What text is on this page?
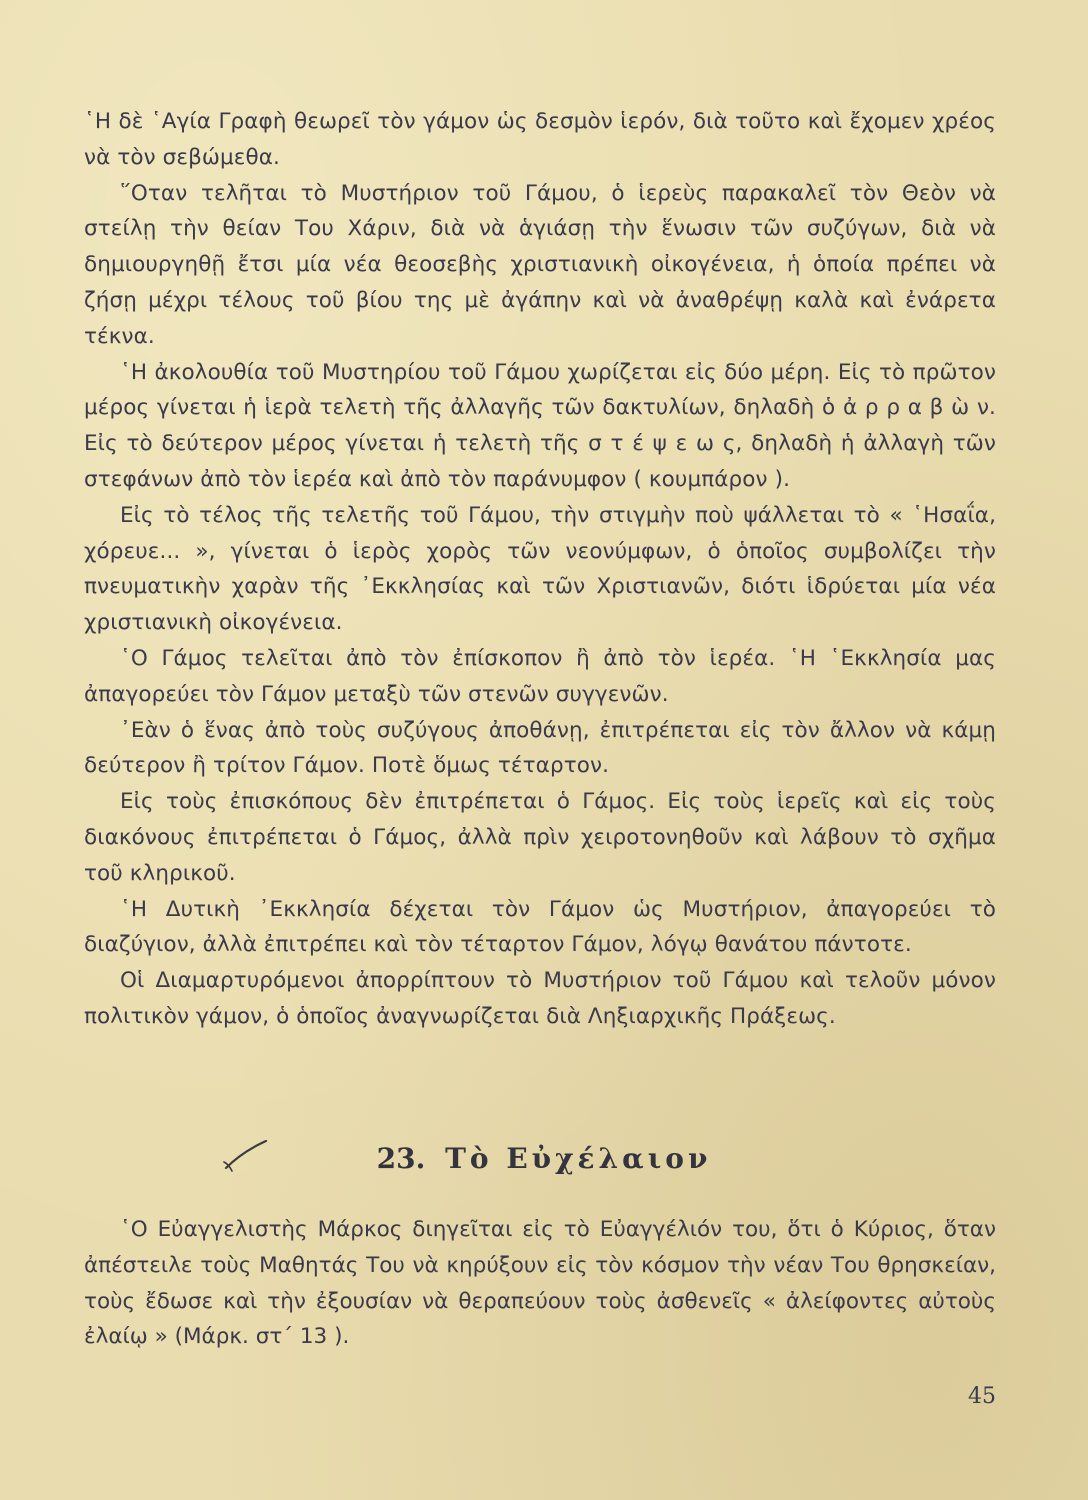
῾Η δὲ ῾Αγία Γραφὴ θεωρεῖ τὸν γάμον ὡς δεσμὸν ἱερόν, διὰ τοῦτο καὶ ἔχομεν χρέος νὰ τὸν σεβώμεθα.

῞Οταν τελῆται τὸ Μυστήριον τοῦ Γάμου, ὁ ἱερεὺς παρακαλεῖ τὸν Θεὸν νὰ στείλῃ τὴν θείαν Του Χάριν, διὰ νὰ ἁγιάσῃ τὴν ἕνωσιν τῶν συζύγων, διὰ νὰ δημιουργηθῇ ἔτσι μία νέα θεοσεβὴς χριστιανικὴ οἰκογένεια, ἡ ὁποία πρέπει νὰ ζήσῃ μέχρι τέλους τοῦ βίου της μὲ ἀγάπην καὶ νὰ ἀναθρέψῃ καλὰ καὶ ἐνάρετα τέκνα.

῾Η ἀκολουθία τοῦ Μυστηρίου τοῦ Γάμου χωρίζεται εἰς δύο μέρη. Εἰς τὸ πρῶτον μέρος γίνεται ἡ ἱερὰ τελετὴ τῆς ἀλλαγῆς τῶν δακτυλίων, δηλαδὴ ὁ ἀ ρ ρ α β ὼ ν. Εἰς τὸ δεύτερον μέρος γίνεται ἡ τελετὴ τῆς σ τ έ ψ ε ω ς, δηλαδὴ ἡ ἀλλαγὴ τῶν στεφάνων ἀπὸ τὸν ἱερέα καὶ ἀπὸ τὸν παράνυμφον ( κουμπάρον ).

Εἰς τὸ τέλος τῆς τελετῆς τοῦ Γάμου, τὴν στιγμὴν ποὺ ψάλλεται τὸ « ῾Ησαΐα, χόρευε... », γίνεται ὁ ἱερὸς χορὸς τῶν νεονύμφων, ὁ ὁποῖος συμβολίζει τὴν πνευματικὴν χαρὰν τῆς ᾿Εκκλησίας καὶ τῶν Χριστιανῶν, διότι ἱδρύεται μία νέα χριστιανικὴ οἰκογένεια.

῾Ο Γάμος τελεῖται ἀπὸ τὸν ἐπίσκοπον ἢ ἀπὸ τὸν ἱερέα. ῾Η ῾Εκκλησία μας ἀπαγορεύει τὸν Γάμον μεταξὺ τῶν στενῶν συγγενῶν.

᾿Εὰν ὁ ἕνας ἀπὸ τοὺς συζύγους ἀποθάνῃ, ἐπιτρέπεται εἰς τὸν ἄλλον νὰ κάμῃ δεύτερον ἢ τρίτον Γάμον. Ποτὲ ὅμως τέταρτον.

Εἰς τοὺς ἐπισκόπους δὲν ἐπιτρέπεται ὁ Γάμος. Εἰς τοὺς ἱερεῖς καὶ εἰς τοὺς διακόνους ἐπιτρέπεται ὁ Γάμος, ἀλλὰ πρὶν χειροτονηθοῦν καὶ λάβουν τὸ σχῆμα τοῦ κληρικοῦ.

῾Η Δυτικὴ ᾿Εκκλησία δέχεται τὸν Γάμον ὡς Μυστήριον, ἀπαγορεύει τὸ διαζύγιον, ἀλλὰ ἐπιτρέπει καὶ τὸν τέταρτον Γάμον, λόγῳ θανάτου πάντοτε.

Οἱ Διαμαρτυρόμενοι ἀπορρίπτουν τὸ Μυστήριον τοῦ Γάμου καὶ τελοῦν μόνον πολιτικὸν γάμον, ὁ ὁποῖος ἀναγνωρίζεται διὰ Ληξιαρχικῆς Πράξεως.

23. Τὸ Εὐχέλαιον

῾Ο Εὐαγγελιστὴς Μάρκος διηγεῖται εἰς τὸ Εὐαγγέλιόν του, ὅτι ὁ Κύριος, ὅταν ἀπέστειλε τοὺς Μαθητάς Του νὰ κηρύξουν εἰς τὸν κόσμον τὴν νέαν Του θρησκείαν, τοὺς ἔδωσε καὶ τὴν ἐξουσίαν νὰ θεραπεύουν τοὺς ἀσθενεῖς « ἀλείφοντες αὐτοὺς ἐλαίῳ » (Μάρκ. στ΄ 13 ).

45
